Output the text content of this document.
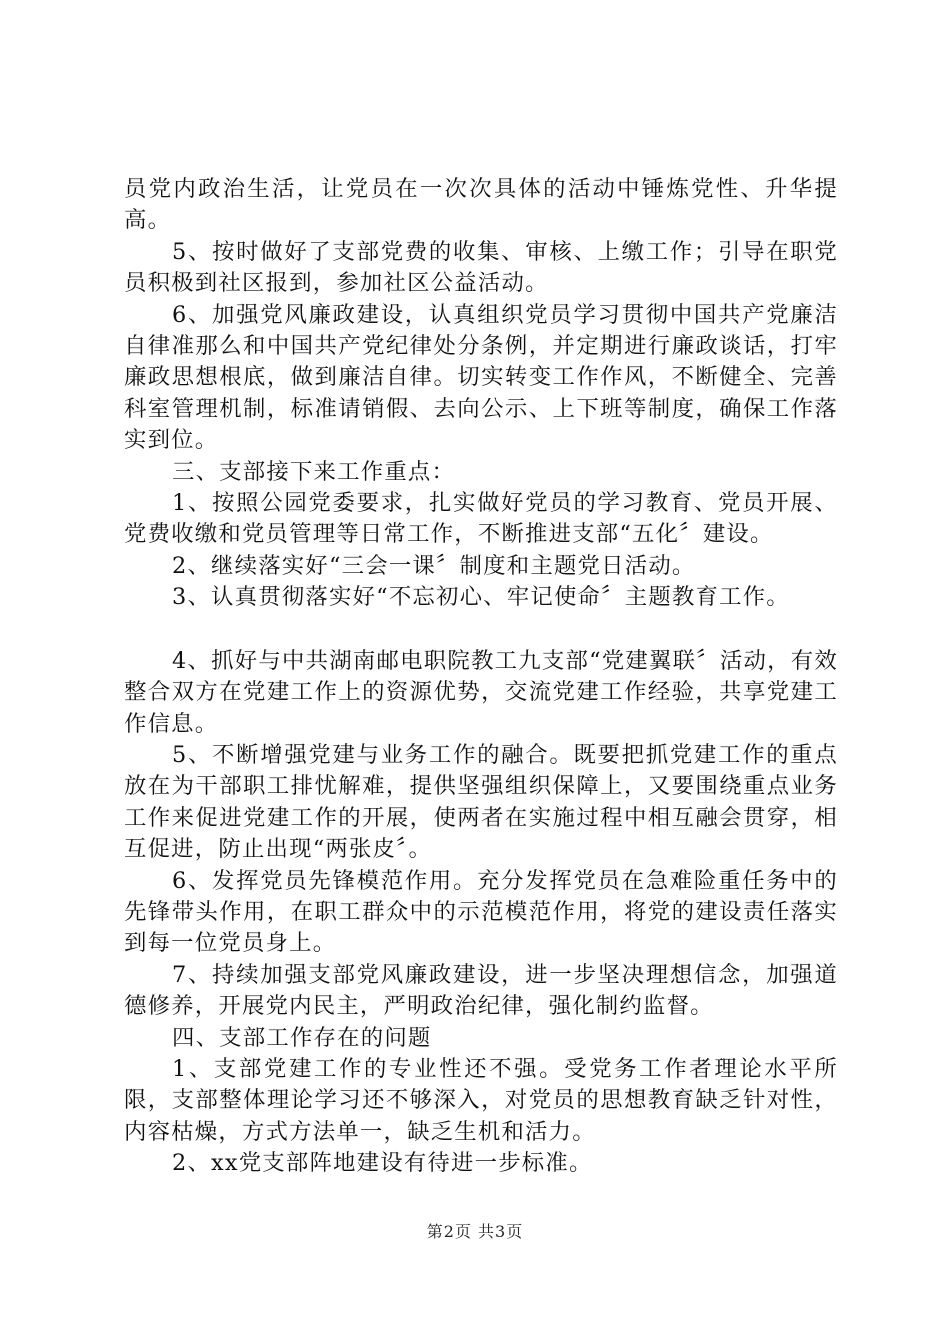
员党内政治生活，让党员在一次次具体的活动中锤炼党性、升华提高。

5、按时做好了支部党费的收集、审核、上缴工作；引导在职党员积极到社区报到，参加社区公益活动。

6、加强党风廉政建设，认真组织党员学习贯彻中国共产党廉洁自律准那么和中国共产党纪律处分条例，并定期进行廉政谈话，打牢廉政思想根底，做到廉洁自律。切实转变工作作风，不断健全、完善科室管理机制，标准请销假、去向公示、上下班等制度，确保工作落实到位。

三、支部接下来工作重点：

1、按照公园党委要求，扎实做好党员的学习教育、党员开展、党费收缴和党员管理等日常工作，不断推进支部“五化〞建设。

2、继续落实好“三会一课〞制度和主题党日活动。

3、认真贯彻落实好“不忘初心、牢记使命〞主题教育工作。

4、抓好与中共湖南邮电职院教工九支部“党建翼联〞活动，有效整合双方在党建工作上的资源优势，交流党建工作经验，共享党建工作信息。

5、不断增强党建与业务工作的融合。既要把抓党建工作的重点放在为干部职工排忧解难，提供坚强组织保障上，又要围绕重点业务工作来促进党建工作的开展，使两者在实施过程中相互融会贯穿，相互促进，防止出现“两张皮〞。

6、发挥党员先锋模范作用。充分发挥党员在急难险重任务中的先锋带头作用，在职工群众中的示范模范作用，将党的建设责任落实到每一位党员身上。

7、持续加强支部党风廉政建设，进一步坚决理想信念，加强道德修养，开展党内民主，严明政治纪律，强化制约监督。

四、支部工作存在的问题

1、支部党建工作的专业性还不强。受党务工作者理论水平所限，支部整体理论学习还不够深入，对党员的思想教育缺乏针对性，内容枯燥，方式方法单一，缺乏生机和活力。

2、xx党支部阵地建设有待进一步标准。

第2页 共3页
